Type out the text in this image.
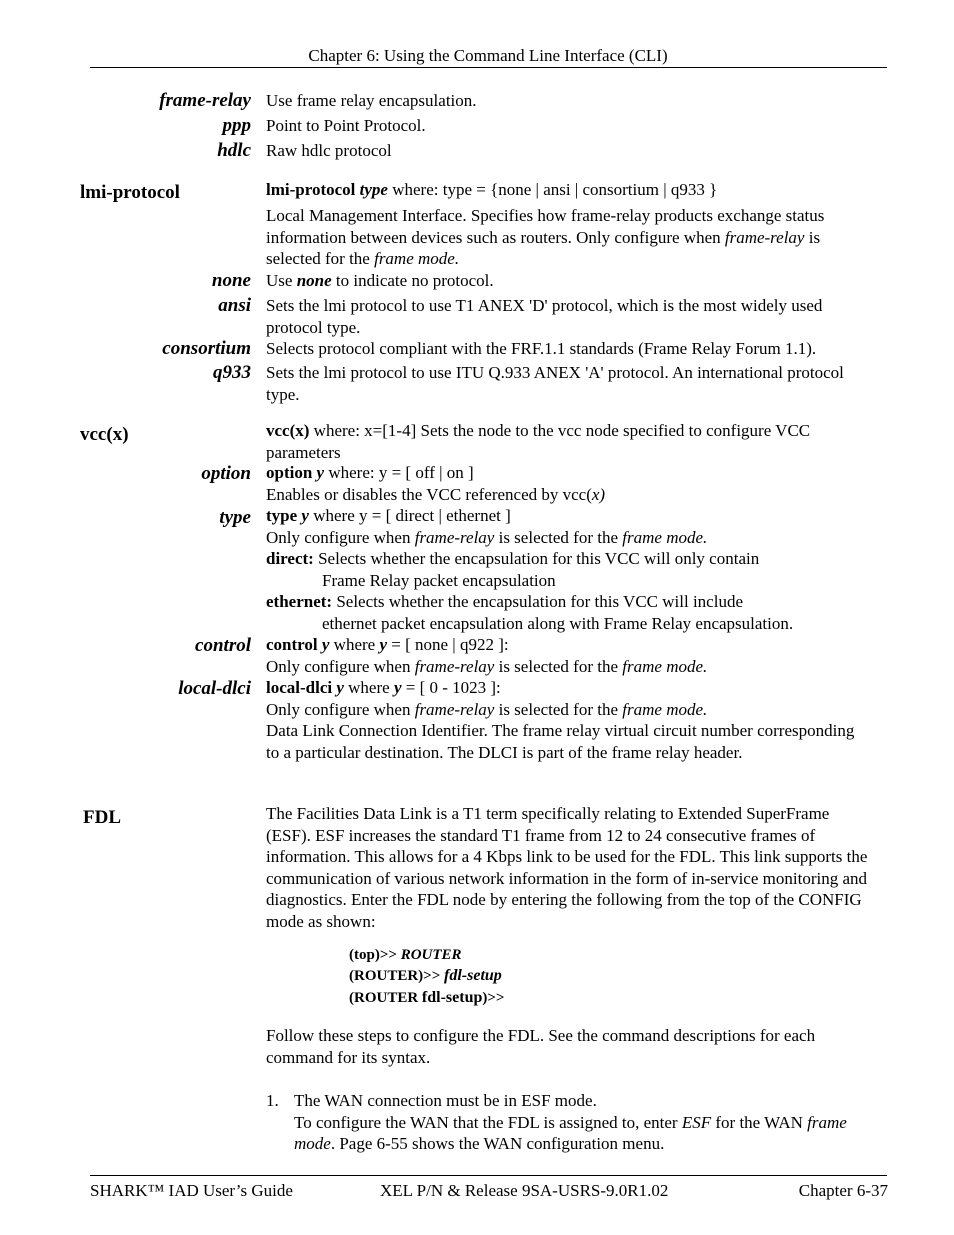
Chapter 6: Using the Command Line Interface (CLI)
frame-relay Use frame relay encapsulation.
ppp Point to Point Protocol.
hdlc Raw hdlc protocol
lmi-protocol	lmi-protocol type where: type = {none | ansi | consortium | q933 }
Local Management Interface. Specifies how frame-relay products exchange status information between devices such as routers. Only configure when frame-relay is selected for the frame mode.
none Use none to indicate no protocol.
ansi Sets the lmi protocol to use T1 ANEX 'D' protocol, which is the most widely used protocol type.
consortium Selects protocol compliant with the FRF.1.1 standards (Frame Relay Forum 1.1).
q933 Sets the lmi protocol to use ITU Q.933 ANEX 'A' protocol. An international protocol type.
vcc(x)	vcc(x) where: x=[1-4] Sets the node to the vcc node specified to configure VCC parameters
option option y where: y = [ off | on ]
Enables or disables the VCC referenced by vcc(x)
type type y where y = [ direct | ethernet ]
Only configure when frame-relay is selected for the frame mode.
direct: Selects whether the encapsulation for this VCC will only contain
Frame Relay packet encapsulation
ethernet: Selects whether the encapsulation for this VCC will include
ethernet packet encapsulation along with Frame Relay encapsulation.
control control y where y = [ none | q922 ]:
Only configure when frame-relay is selected for the frame mode.
local-dlci local-dlci y where y = [ 0 - 1023 ]:
Only configure when frame-relay is selected for the frame mode.
Data Link Connection Identifier. The frame relay virtual circuit number corresponding to a particular destination. The DLCI is part of the frame relay header.
FDL	The Facilities Data Link is a T1 term specifically relating to Extended SuperFrame (ESF). ESF increases the standard T1 frame from 12 to 24 consecutive frames of information. This allows for a 4 Kbps link to be used for the FDL. This link supports the communication of various network information in the form of in-service monitoring and diagnostics. Enter the FDL node by entering the following from the top of the CONFIG mode as shown:
(top)>> ROUTER
(ROUTER)>> fdl-setup
(ROUTER fdl-setup)>>
Follow these steps to configure the FDL. See the command descriptions for each command for its syntax.
1. The WAN connection must be in ESF mode.
To configure the WAN that the FDL is assigned to, enter ESF for the WAN frame mode. Page 6-55 shows the WAN configuration menu.
SHARK™ IAD User’s Guide	XEL P/N & Release 9SA-USRS-9.0R1.02	Chapter 6-37
